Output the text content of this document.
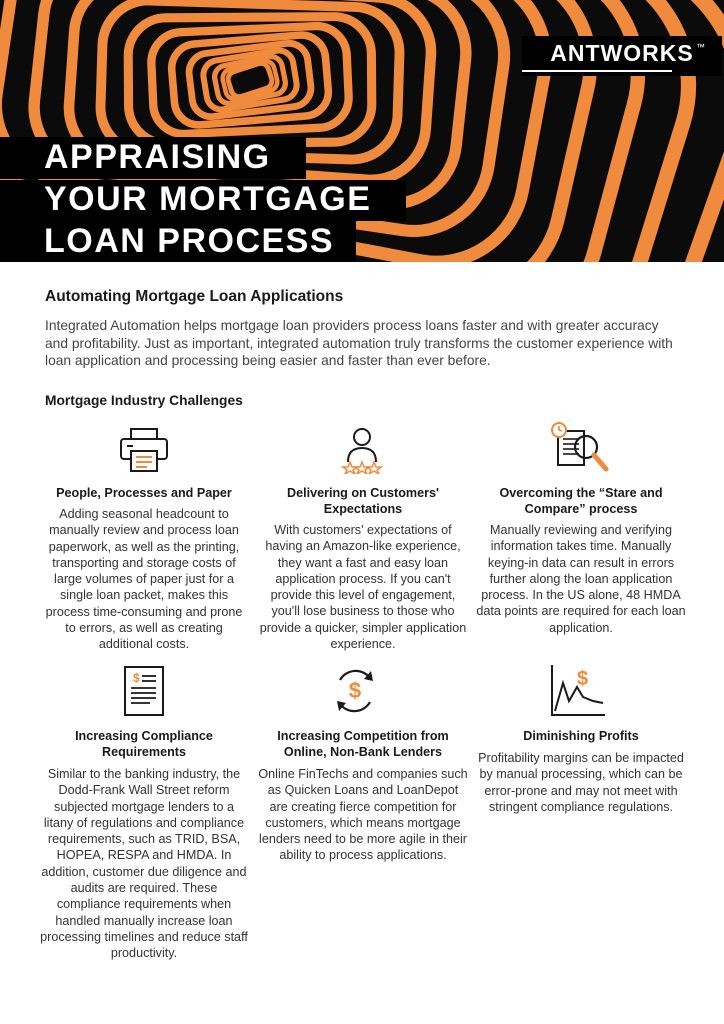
ANTWORKS ™
APPRAISING
YOUR MORTGAGE
LOAN PROCESS
Automating Mortgage Loan Applications
Integrated Automation helps mortgage loan providers process loans faster and with greater accuracy and profitability. Just as important, integrated automation truly transforms the customer experience with loan application and processing being easier and faster than ever before.
Mortgage Industry Challenges
People, Processes and Paper
Adding seasonal headcount to manually review and process loan paperwork, as well as the printing, transporting and storage costs of large volumes of paper just for a single loan packet, makes this process time-consuming and prone to errors, as well as creating additional costs.
Delivering on Customers' Expectations
With customers' expectations of having an Amazon-like experience, they want a fast and easy loan application process. If you can't provide this level of engagement, you'll lose business to those who provide a quicker, simpler application experience.
Overcoming the “Stare and Compare” process
Manually reviewing and verifying information takes time. Manually keying-in data can result in errors further along the loan application process. In the US alone, 48 HMDA data points are required for each loan application.
$
Increasing Compliance Requirements
Similar to the banking industry, the Dodd-Frank Wall Street reform subjected mortgage lenders to a litany of regulations and compliance requirements, such as TRID, BSA, HOPEA, RESPA and HMDA. In addition, customer due diligence and audits are required. These compliance requirements when handled manually increase loan processing timelines and reduce staff productivity.
$
Increasing Competition from Online, Non-Bank Lenders
Online FinTechs and companies such as Quicken Loans and LoanDepot are creating fierce competition for customers, which means mortgage lenders need to be more agile in their ability to process applications.
$
Diminishing Profits
Profitability margins can be impacted by manual processing, which can be error-prone and may not meet with stringent compliance regulations.
